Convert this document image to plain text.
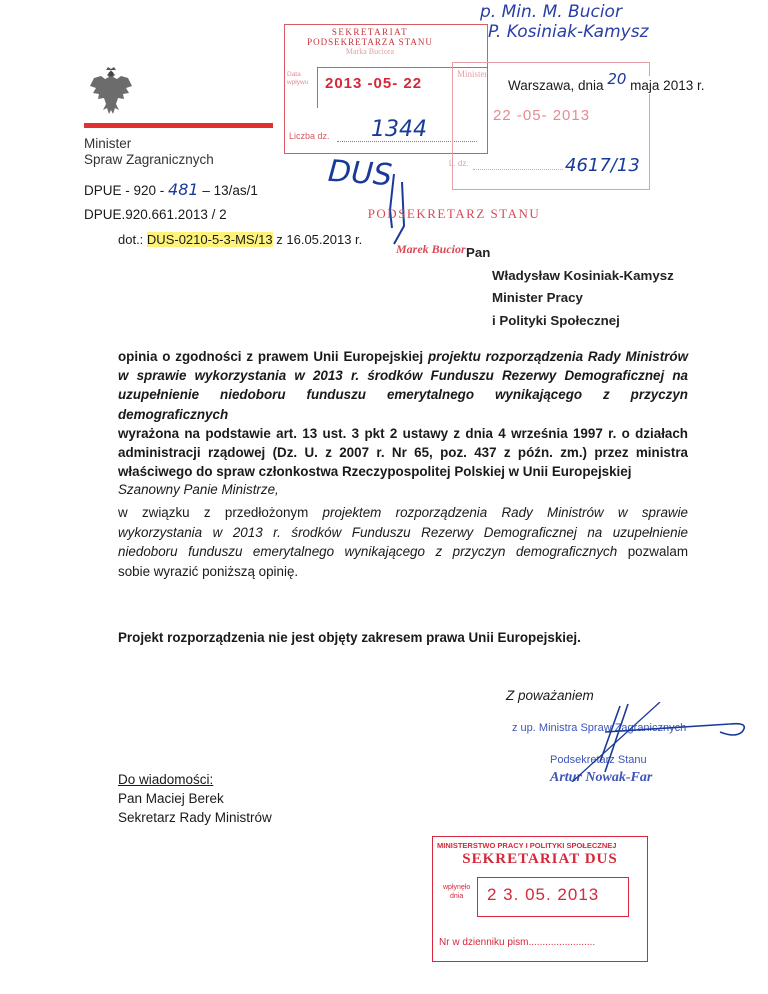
p. Min. M. Bucior
P. Kosiniak-Kamysz
Minister
Spraw Zagranicznych
SEKRETARIAT
PODSEKRETARZA STANU
Marka Buciora
Data wpływu	2013 -05- 22
Liczba dz. 1344
Minister
22 -05- 2013
L. dz.	4617/13
Warszawa, dnia 20 maja 2013 r.
DPUE - 920 - 481 – 13/as/1
DPUE.920.661.2013 / 2
dot.: DUS-0210-5-3-MS/13 z 16.05.2013 r.
DUS
PODSEKRETARZ STANU
Marek Bucior Pan
Władysław Kosiniak-Kamysz
Minister Pracy
i Polityki Społecznej
opinia o zgodności z prawem Unii Europejskiej projektu rozporządzenia Rady Ministrów
w sprawie wykorzystania w 2013 r. środków Funduszu Rezerwy Demograficznej na
uzupełnienie niedoboru funduszu emerytalnego wynikającego z przyczyn demograficznych
wyrażona na podstawie art. 13 ust. 3 pkt 2 ustawy z dnia 4 września 1997 r. o działach
administracji rządowej (Dz. U. z 2007 r. Nr 65, poz. 437 z późn. zm.) przez ministra
właściwego do spraw członkostwa Rzeczypospolitej Polskiej w Unii Europejskiej
Szanowny Panie Ministrze,
w związku z przedłożonym projektem rozporządzenia Rady Ministrów w sprawie
wykorzystania w 2013 r. środków Funduszu Rezerwy Demograficznej na uzupełnienie
niedoboru funduszu emerytalnego wynikającego z przyczyn demograficznych pozwalam
sobie wyrazić poniższą opinię.
Projekt rozporządzenia nie jest objęty zakresem prawa Unii Europejskiej.
Z poważaniem
z up. Ministra Spraw Zagranicznych
Podsekretarz Stanu
Artur Nowak-Far
Do wiadomości:
Pan Maciej Berek
Sekretarz Rady Ministrów
MINISTERSTWO PRACY I POLITYKI SPOŁECZNEJ
SEKRETARIAT DUS
wpłynęło
dnia	2 3. 05. 2013
Nr w dzienniku pism........................
